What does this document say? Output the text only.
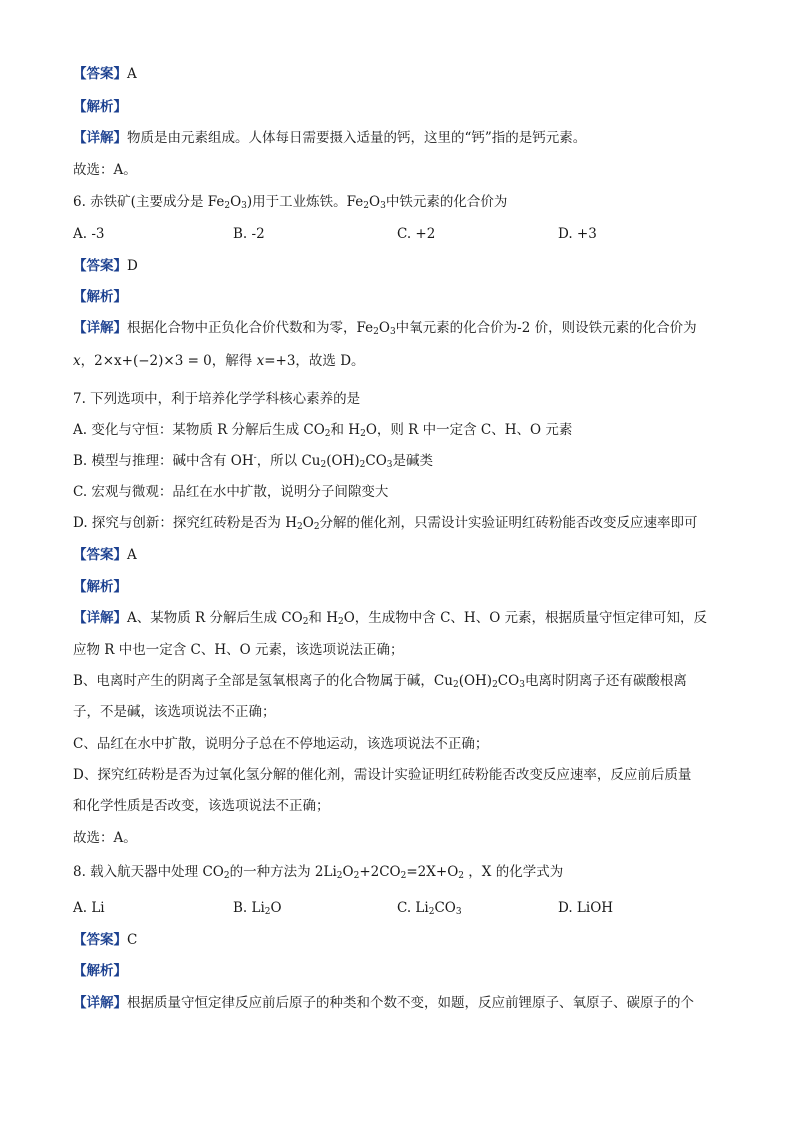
【答案】A
【解析】
【详解】物质是由元素组成。人体每日需要摄入适量的钙，这里的“钙”指的是钙元素。
故选：A。
6. 赤铁矿(主要成分是 $Fe_2O_3$)用于工业炼铁。$Fe_2O_3$中铁元素的化合价为
A. -3	B. -2	C. +2	D. +3
【答案】D
【解析】
【详解】根据化合物中正负化合价代数和为零，$Fe_2O_3$中氧元素的化合价为-2 价，则设铁元素的化合价为
x，2×x+(−2)×3 = 0，解得 x=+3，故选 D。
7. 下列选项中，利于培养化学学科核心素养的是
A. 变化与守恒：某物质 R 分解后生成 $CO_2$和 $H_2O$，则 R 中一定含 C、H、O 元素
B. 模型与推理：碱中含有 OH-，所以 $Cu_2(OH)_2CO_3$是碱类
C. 宏观与微观：品红在水中扩散，说明分子间隙变大
D. 探究与创新：探究红砖粉是否为 $H_2O_2$分解的催化剂，只需设计实验证明红砖粉能否改变反应速率即可
【答案】A
【解析】
【详解】A、某物质 R 分解后生成 $CO_2$和 $H_2O$，生成物中含 C、H、O 元素，根据质量守恒定律可知，反
应物 R 中也一定含 C、H、O 元素，该选项说法正确；
B、电离时产生的阴离子全部是氢氧根离子的化合物属于碱，$Cu_2(OH)_2CO_3$电离时阴离子还有碳酸根离
子，不是碱，该选项说法不正确；
C、品红在水中扩散，说明分子总在不停地运动，该选项说法不正确；
D、探究红砖粉是否为过氧化氢分解的催化剂，需设计实验证明红砖粉能否改变反应速率，反应前后质量
和化学性质是否改变，该选项说法不正确；
故选：A。
8. 载入航天器中处理 $CO_2$的一种方法为 $2Li_2O_2+2CO_2=2X+O_2$ ，X 的化学式为
A. Li	B. $Li_2O$	C. $Li_2CO_3$	D. LiOH
【答案】C
【解析】
【详解】根据质量守恒定律反应前后原子的种类和个数不变，如题，反应前锂原子、氧原子、碳原子的个
